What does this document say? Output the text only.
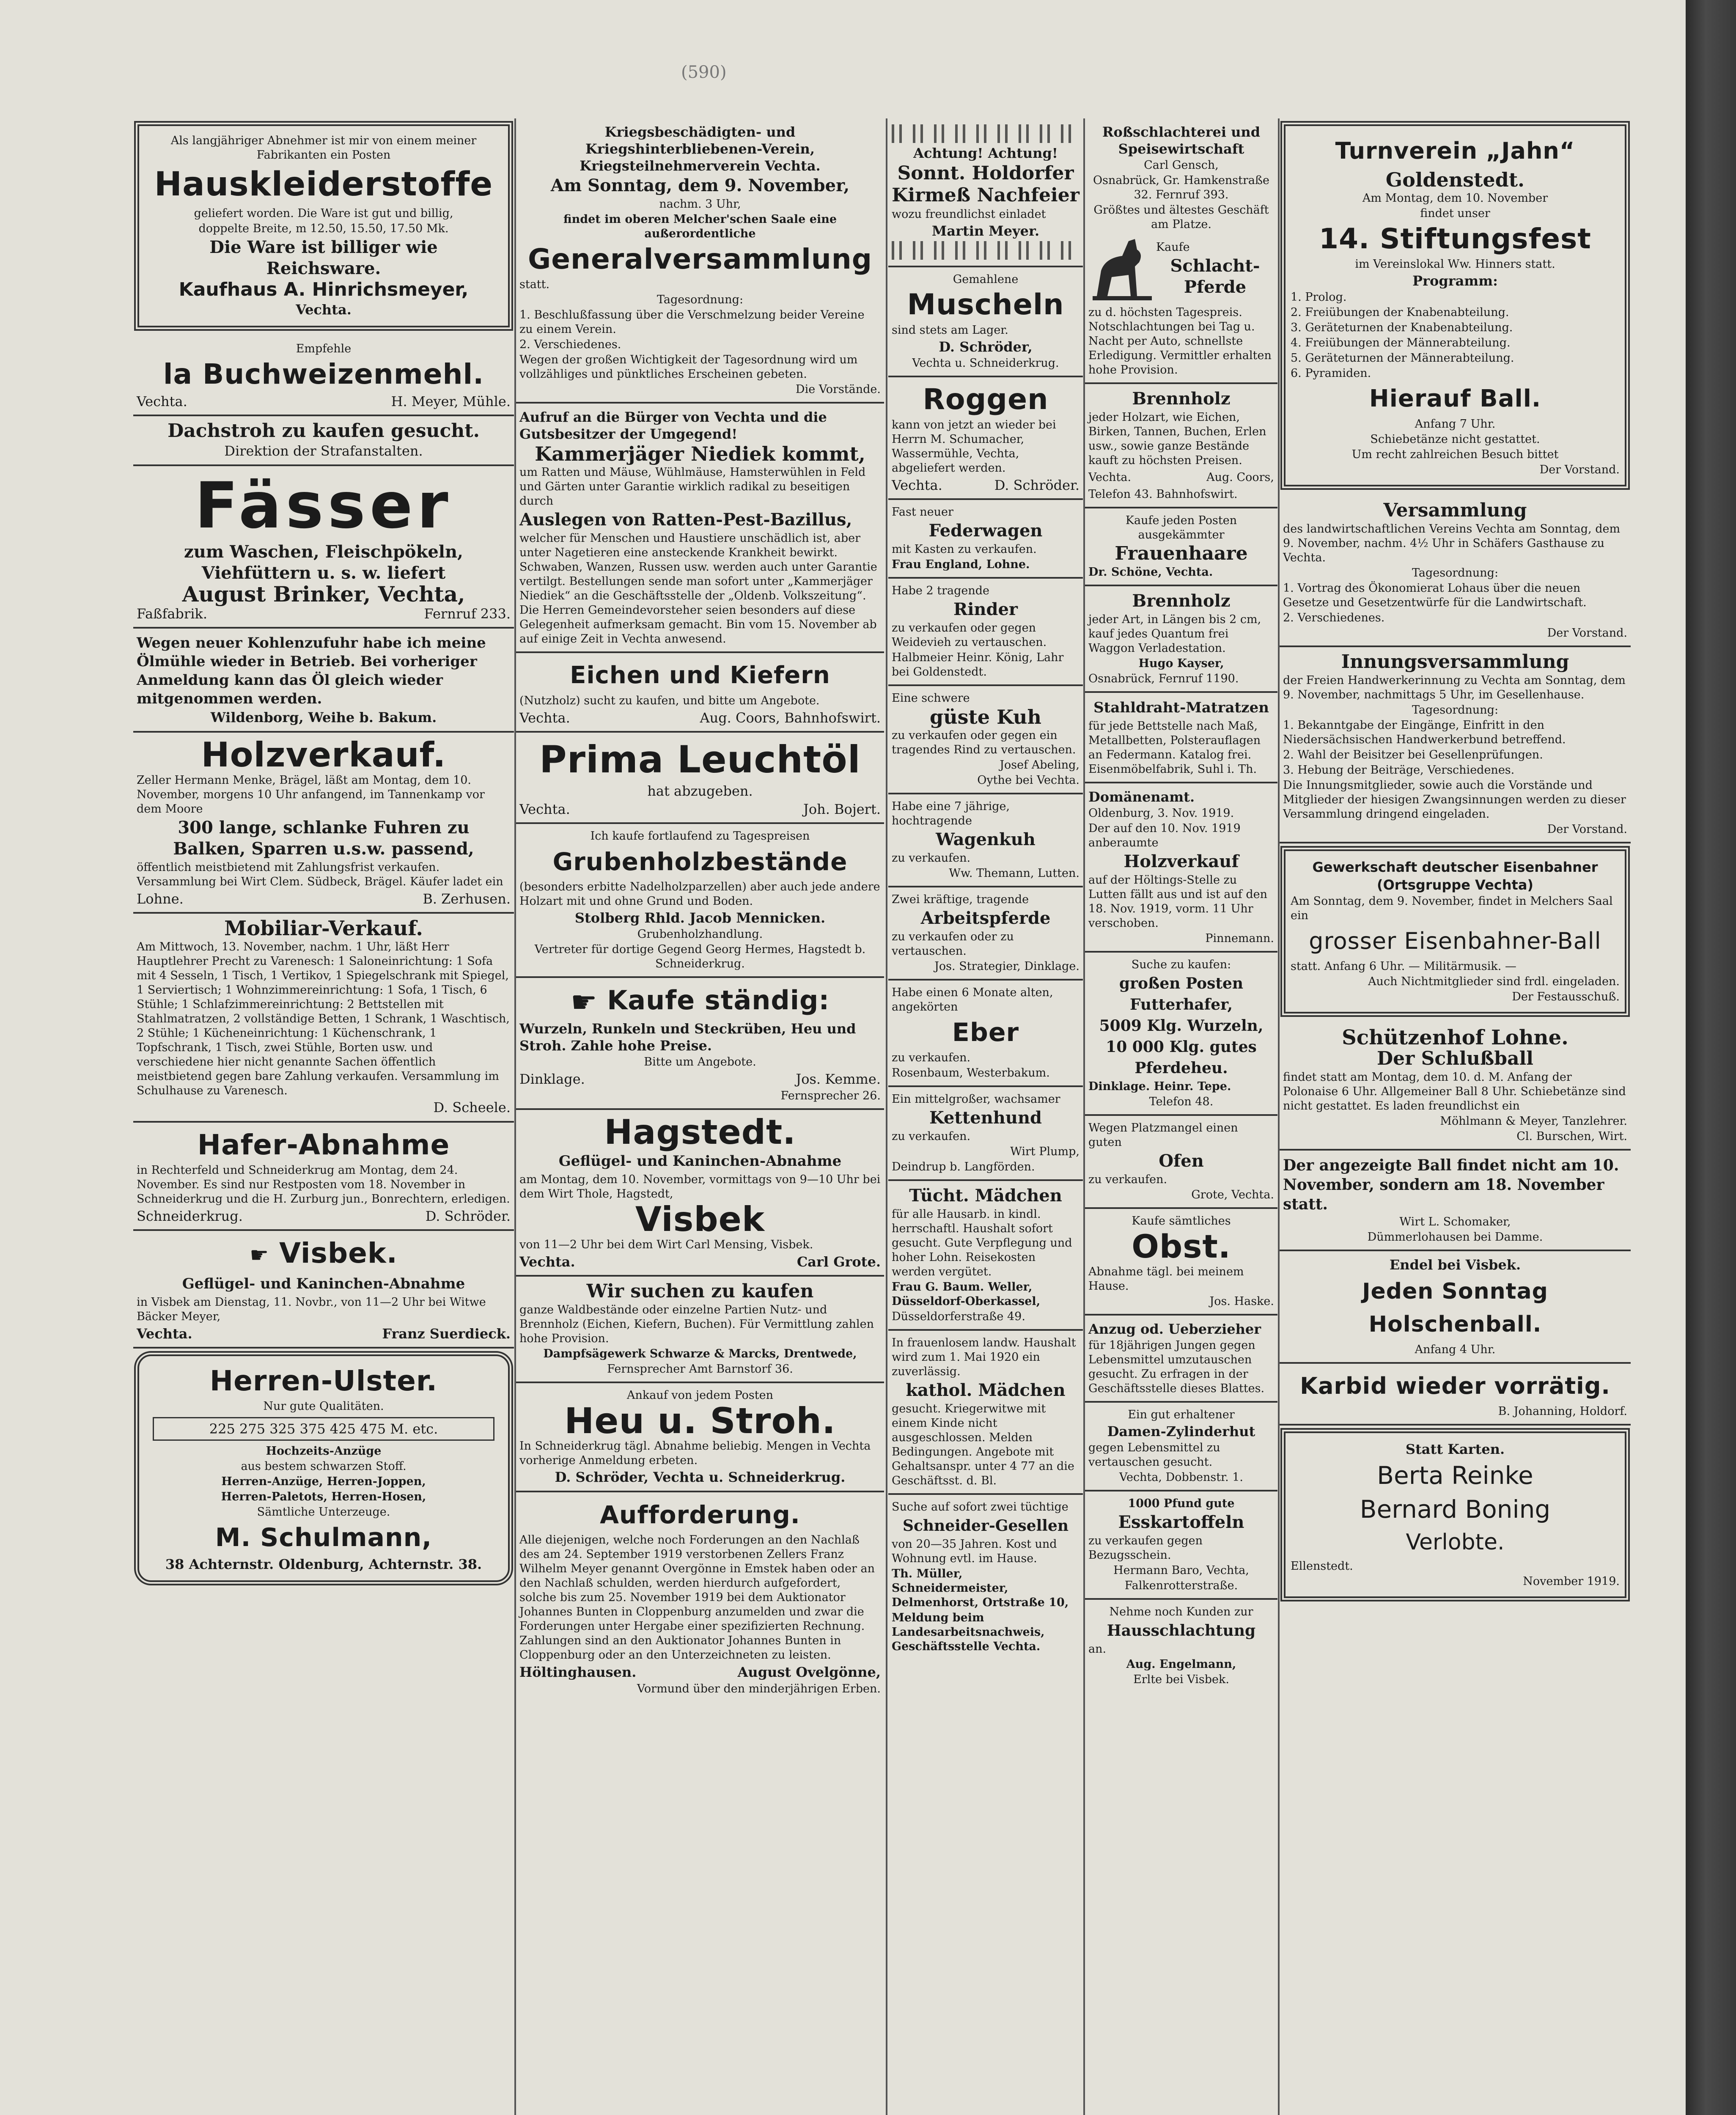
(590)

Als langjähriger Abnehmer ist mir von einem meiner Fabrikanten ein Posten

Hauskleiderstoffe

geliefert worden. Die Ware ist gut und billig,

doppelte Breite, m 12.50, 15.50, 17.50 Mk.

Die Ware ist billiger wie
Reichsware.
Kaufhaus A. Hinrichsmeyer,

Vechta.

Empfehle

la Buchweizenmehl.
Vechta.	H. Meyer, Mühle.
Dachstroh zu kaufen gesucht.

Direktion der Strafanstalten.

Fässer
zum Waschen, Fleischpökeln,
Viehfüttern u. s. w. liefert
August Brinker, Vechta,
Faßfabrik.	Fernruf 233.

Wegen neuer Kohlenzufuhr habe ich meine Ölmühle wieder in Betrieb. Bei vorheriger Anmeldung kann das Öl gleich wieder mitgenommen werden.

Wildenborg, Weihe b. Bakum.

Holzverkauf.

Zeller Hermann Menke, Brägel, läßt am Montag, dem 10. November, morgens 10 Uhr anfangend, im Tannenkamp vor dem Moore

300 lange, schlanke Fuhren zu
Balken, Sparren u.s.w. passend,

öffentlich meistbietend mit Zahlungsfrist verkaufen. Versammlung bei Wirt Clem. Südbeck, Brägel. Käufer ladet ein

Lohne.	B. Zerhusen.
Mobiliar-Verkauf.

Am Mittwoch, 13. November, nachm. 1 Uhr, läßt Herr Hauptlehrer Precht zu Varenesch: 1 Saloneinrichtung: 1 Sofa mit 4 Sesseln, 1 Tisch, 1 Vertikov, 1 Spiegelschrank mit Spiegel, 1 Serviertisch; 1 Wohnzimmereinrichtung: 1 Sofa, 1 Tisch, 6 Stühle; 1 Schlafzimmereinrichtung: 2 Bettstellen mit Stahlmatratzen, 2 vollständige Betten, 1 Schrank, 1 Waschtisch, 2 Stühle; 1 Kücheneinrichtung: 1 Küchenschrank, 1 Topfschrank, 1 Tisch, zwei Stühle, Borten usw. und verschiedene hier nicht genannte Sachen öffentlich meistbietend gegen bare Zahlung verkaufen. Versammlung im Schulhause zu Varenesch.

D. Scheele.

Hafer-Abnahme

in Rechterfeld und Schneiderkrug am Montag, dem 24. November. Es sind nur Restposten vom 18. November in Schneiderkrug und die H. Zurburg jun., Bonrechtern, erledigen.

Schneiderkrug.	D. Schröder.
☛ Visbek.
Geflügel- und Kaninchen-Abnahme

in Visbek am Dienstag, 11. Novbr., von 11—2 Uhr bei Witwe Bäcker Meyer,

Vechta.	Franz Suerdieck.
Herren-Ulster.

Nur gute Qualitäten.

225 275 325 375 425 475 M. etc.

Hochzeits-Anzüge

aus bestem schwarzen Stoff.

Herren-Anzüge, Herren-Joppen,

Herren-Paletots, Herren-Hosen,

Sämtliche Unterzeuge.

M. Schulmann,

38 Achternstr. Oldenburg, Achternstr. 38.

Kriegsbeschädigten- und Kriegshinterbliebenen-Verein, Kriegsteilnehmerverein Vechta.

Am Sonntag, dem 9. November,

nachm. 3 Uhr,

findet im oberen Melcher'schen Saale eine außerordentliche

Generalversammlung

statt.

Tagesordnung:

1. Beschlußfassung über die Verschmelzung beider Vereine zu einem Verein.

2. Verschiedenes.

Wegen der großen Wichtigkeit der Tagesordnung wird um vollzähliges und pünktliches Erscheinen gebeten.

Die Vorstände.

Aufruf an die Bürger von Vechta und die Gutsbesitzer der Umgegend!

Kammerjäger Niediek kommt,

um Ratten und Mäuse, Wühlmäuse, Hamsterwühlen in Feld und Gärten unter Garantie wirklich radikal zu beseitigen durch

Auslegen von Ratten-Pest-Bazillus,

welcher für Menschen und Haustiere unschädlich ist, aber unter Nagetieren eine ansteckende Krankheit bewirkt. Schwaben, Wanzen, Russen usw. werden auch unter Garantie vertilgt. Bestellungen sende man sofort unter „Kammerjäger Niediek“ an die Geschäftsstelle der „Oldenb. Volkszeitung“. Die Herren Gemeindevorsteher seien besonders auf diese Gelegenheit aufmerksam gemacht. Bin vom 15. November ab auf einige Zeit in Vechta anwesend.

Eichen und Kiefern

(Nutzholz) sucht zu kaufen, und bitte um Angebote.

Vechta.	Aug. Coors, Bahnhofswirt.
Prima Leuchtöl

hat abzugeben.

Vechta.	Joh. Bojert.

Ich kaufe fortlaufend zu Tagespreisen

Grubenholzbestände

(besonders erbitte Nadelholzparzellen) aber auch jede andere Holzart mit und ohne Grund und Boden.

Stolberg Rhld. Jacob Mennicken.

Grubenholzhandlung.

Vertreter für dortige Gegend Georg Hermes, Hagstedt b. Schneiderkrug.

☛ Kaufe ständig:

Wurzeln, Runkeln und Steckrüben, Heu und Stroh. Zahle hohe Preise.

Bitte um Angebote.

Dinklage.	Jos. Kemme.

Fernsprecher 26.

Hagstedt.
Geflügel- und Kaninchen-Abnahme

am Montag, dem 10. November, vormittags von 9—10 Uhr bei dem Wirt Thole, Hagstedt,

Visbek

von 11—2 Uhr bei dem Wirt Carl Mensing, Visbek.

Vechta.	Carl Grote.
Wir suchen zu kaufen

ganze Waldbestände oder einzelne Partien Nutz- und Brennholz (Eichen, Kiefern, Buchen). Für Vermittlung zahlen hohe Provision.

Dampfsägewerk Schwarze & Marcks, Drentwede,

Fernsprecher Amt Barnstorf 36.

Ankauf von jedem Posten

Heu u. Stroh.

In Schneiderkrug tägl. Abnahme beliebig. Mengen in Vechta vorherige Anmeldung erbeten.

D. Schröder, Vechta u. Schneiderkrug.

Aufforderung.

Alle diejenigen, welche noch Forderungen an den Nachlaß des am 24. September 1919 verstorbenen Zellers Franz Wilhelm Meyer genannt Overgönne in Emstek haben oder an den Nachlaß schulden, werden hierdurch aufgefordert, solche bis zum 25. November 1919 bei dem Auktionator Johannes Bunten in Cloppenburg anzumelden und zwar die Forderungen unter Hergabe einer spezifizierten Rechnung. Zahlungen sind an den Auktionator Johannes Bunten in Cloppenburg oder an den Unterzeichneten zu leisten.

Höltinghausen.	August Ovelgönne,

Vormund über den minderjährigen Erben.

Achtung! Achtung!

Sonnt. Holdorfer Kirmeß Nachfeier

wozu freundlichst einladet

Martin Meyer.

Gemahlene

Muscheln

sind stets am Lager.

D. Schröder,

Vechta u. Schneiderkrug.

Roggen

kann von jetzt an wieder bei Herrn M. Schumacher, Wassermühle, Vechta, abgeliefert werden.

Vechta.	D. Schröder.

Fast neuer

Federwagen

mit Kasten zu verkaufen.

Frau England, Lohne.

Habe 2 tragende

Rinder

zu verkaufen oder gegen Weidevieh zu vertauschen.

Halbmeier Heinr. König, Lahr bei Goldenstedt.

Eine schwere

güste Kuh

zu verkaufen oder gegen ein tragendes Rind zu vertauschen.

Josef Abeling,

Oythe bei Vechta.

Habe eine 7 jährige, hochtragende

Wagenkuh

zu verkaufen.

Ww. Themann, Lutten.

Zwei kräftige, tragende

Arbeitspferde

zu verkaufen oder zu vertauschen.

Jos. Strategier, Dinklage.

Habe einen 6 Monate alten, angekörten

Eber

zu verkaufen.

Rosenbaum, Westerbakum.

Ein mittelgroßer, wachsamer

Kettenhund

zu verkaufen.

Wirt Plump,

Deindrup b. Langförden.

Tücht. Mädchen

für alle Hausarb. in kindl. herrschaftl. Haushalt sofort gesucht. Gute Verpflegung und hoher Lohn. Reisekosten werden vergütet.

Frau G. Baum. Weller, Düsseldorf-Oberkassel,

Düsseldorferstraße 49.

In frauenlosem landw. Haushalt wird zum 1. Mai 1920 ein zuverlässig.

kathol. Mädchen

gesucht. Kriegerwitwe mit einem Kinde nicht ausgeschlossen. Melden Bedingungen. Angebote mit Gehaltsanspr. unter 4 77 an die Geschäftsst. d. Bl.

Suche auf sofort zwei tüchtige

Schneider-Gesellen

von 20—35 Jahren. Kost und Wohnung evtl. im Hause.

Th. Müller, Schneidermeister, Delmenhorst, Ortstraße 10,

Meldung beim Landesarbeitsnachweis, Geschäftsstelle Vechta.

Roßschlachterei und Speisewirtschaft

Carl Gensch,

Osnabrück, Gr. Hamkenstraße 32. Fernruf 393.

Größtes und ältestes Geschäft am Platze.

Kaufe

Schlacht-Pferde

zu d. höchsten Tagespreis. Notschlachtungen bei Tag u. Nacht per Auto, schnellste Erledigung. Vermittler erhalten hohe Provision.

Brennholz

jeder Holzart, wie Eichen, Birken, Tannen, Buchen, Erlen usw., sowie ganze Bestände kauft zu höchsten Preisen.

Vechta.	Aug. Coors,

Telefon 43. Bahnhofswirt.

Kaufe jeden Posten ausgekämmter

Frauenhaare

Dr. Schöne, Vechta.

Brennholz

jeder Art, in Längen bis 2 cm, kauf jedes Quantum frei Waggon Verladestation.

Hugo Kayser,

Osnabrück, Fernruf 1190.

Stahldraht-Matratzen

für jede Bettstelle nach Maß, Metallbetten, Polsterauflagen an Federmann. Katalog frei. Eisenmöbelfabrik, Suhl i. Th.

Domänenamt.

Oldenburg, 3. Nov. 1919.

Der auf den 10. Nov. 1919 anberaumte

Holzverkauf

auf der Höltings-Stelle zu Lutten fällt aus und ist auf den 18. Nov. 1919, vorm. 11 Uhr verschoben.

Pinnemann.

Suche zu kaufen:

großen Posten
Futterhafer,
5009 Klg. Wurzeln,
10 000 Klg. gutes
Pferdeheu.

Dinklage. Heinr. Tepe.

Telefon 48.

Wegen Platzmangel einen guten

Ofen

zu verkaufen.

Grote, Vechta.

Kaufe sämtliches

Obst.

Abnahme tägl. bei meinem Hause.

Jos. Haske.

Anzug od. Ueberzieher

für 18jährigen Jungen gegen Lebensmittel umzutauschen gesucht. Zu erfragen in der Geschäftsstelle dieses Blattes.

Ein gut erhaltener

Damen-Zylinderhut

gegen Lebensmittel zu vertauschen gesucht.

Vechta, Dobbenstr. 1.

1000 Pfund gute

Esskartoffeln

zu verkaufen gegen Bezugsschein.

Hermann Baro, Vechta,

Falkenrotterstraße.

Nehme noch Kunden zur

Hausschlachtung

an.

Aug. Engelmann,

Erlte bei Visbek.

Turnverein „Jahn“
Goldenstedt.

Am Montag, dem 10. November

findet unser

14. Stiftungsfest

im Vereinslokal Ww. Hinners statt.

Programm:

1. Prolog.

2. Freiübungen der Knabenabteilung.

3. Geräteturnen der Knabenabteilung.

4. Freiübungen der Männerabteilung.

5. Geräteturnen der Männerabteilung.

6. Pyramiden.

Hierauf Ball.

Anfang 7 Uhr.

Schiebetänze nicht gestattet.

Um recht zahlreichen Besuch bittet

Der Vorstand.

Versammlung

des landwirtschaftlichen Vereins Vechta am Sonntag, dem 9. November, nachm. 4½ Uhr in Schäfers Gasthause zu Vechta.

Tagesordnung:

1. Vortrag des Ökonomierat Lohaus über die neuen Gesetze und Gesetzentwürfe für die Landwirtschaft.

2. Verschiedenes.

Der Vorstand.

Innungsversammlung

der Freien Handwerkerinnung zu Vechta am Sonntag, dem 9. November, nachmittags 5 Uhr, im Gesellenhause.

Tagesordnung:

1. Bekanntgabe der Eingänge, Einfritt in den Niedersächsischen Handwerkerbund betreffend.

2. Wahl der Beisitzer bei Gesellenprüfungen.

3. Hebung der Beiträge, Verschiedenes.

Die Innungsmitglieder, sowie auch die Vorstände und Mitglieder der hiesigen Zwangsinnungen werden zu dieser Versammlung dringend eingeladen.

Der Vorstand.

Gewerkschaft deutscher Eisenbahner

(Ortsgruppe Vechta)

Am Sonntag, dem 9. November, findet in Melchers Saal ein

grosser Eisenbahner-Ball

statt. Anfang 6 Uhr. — Militärmusik. —

Auch Nichtmitglieder sind frdl. eingeladen.

Der Festausschuß.

Schützenhof Lohne.
Der Schlußball

findet statt am Montag, dem 10. d. M. Anfang der Polonaise 6 Uhr. Allgemeiner Ball 8 Uhr. Schiebetänze sind nicht gestattet. Es laden freundlichst ein

Möhlmann & Meyer, Tanzlehrer.

Cl. Burschen, Wirt.

Der angezeigte Ball findet nicht am 10. November, sondern am 18. November statt.

Wirt L. Schomaker,

Dümmerlohausen bei Damme.

Endel bei Visbek.

Jeden Sonntag Holschenball.

Anfang 4 Uhr.

Karbid wieder vorrätig.

B. Johanning, Holdorf.

Statt Karten.

Berta Reinke
Bernard Boning
Verlobte.

Ellenstedt.

November 1919.
